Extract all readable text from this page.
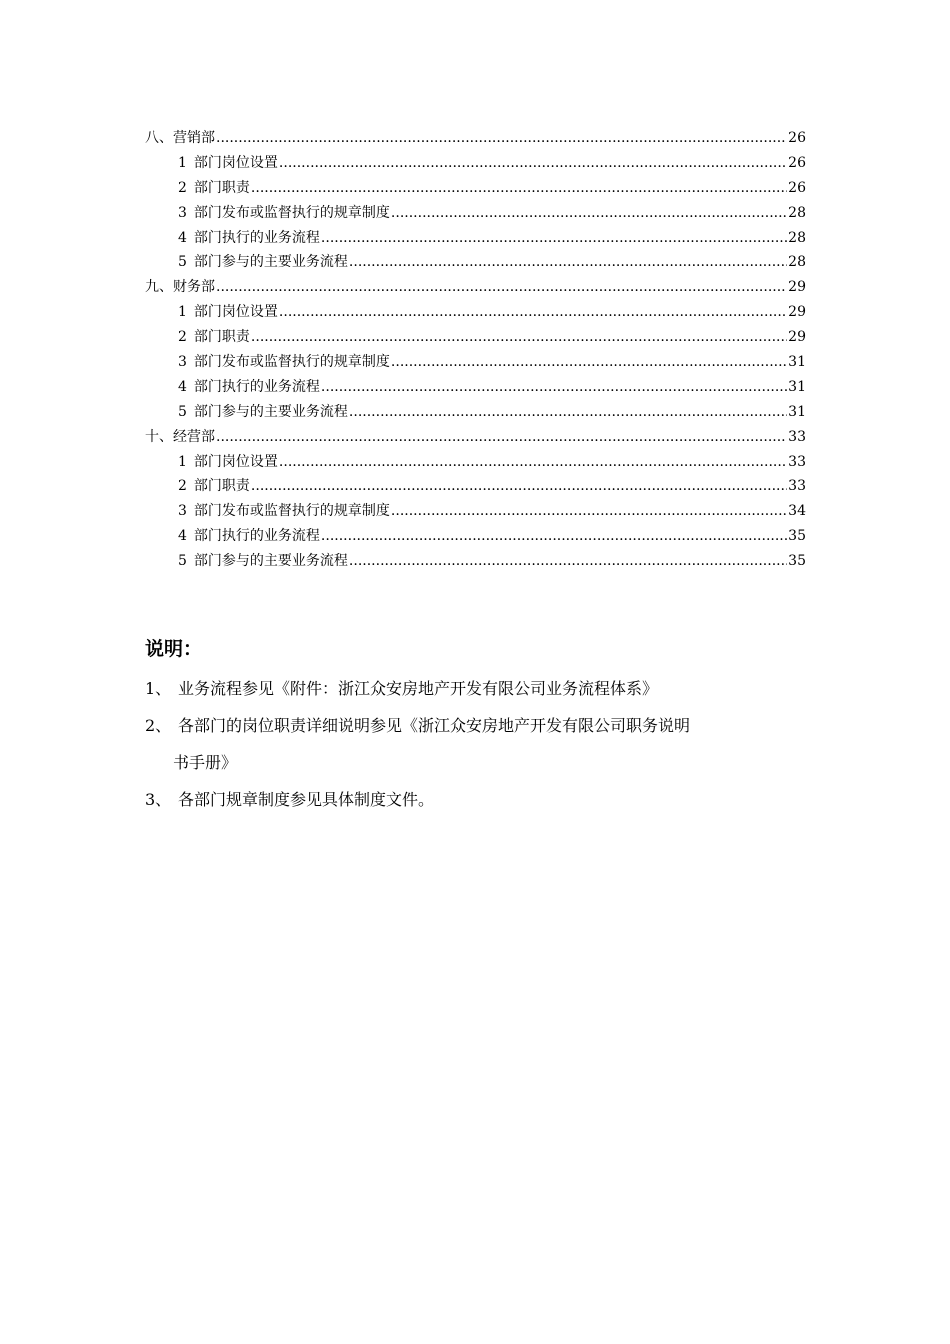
八、营销部 .....	26
1 部门岗位设置 .....	26
2 部门职责 .....	26
3 部门发布或监督执行的规章制度 .....	28
4 部门执行的业务流程 .....	28
5 部门参与的主要业务流程 .....	28
九、财务部 .....	29
1 部门岗位设置 .....	29
2 部门职责 .....	29
3 部门发布或监督执行的规章制度 .....	31
4 部门执行的业务流程 .....	31
5 部门参与的主要业务流程 .....	31
十、经营部 .....	33
1 部门岗位设置 .....	33
2 部门职责 .....	33
3 部门发布或监督执行的规章制度 .....	34
4 部门执行的业务流程 .....	35
5 部门参与的主要业务流程 .....	35
说明：
1、 业务流程参见《附件：浙江众安房地产开发有限公司业务流程体系》
2、 各部门的岗位职责详细说明参见《浙江众安房地产开发有限公司职务说明
书手册》
3、 各部门规章制度参见具体制度文件。
